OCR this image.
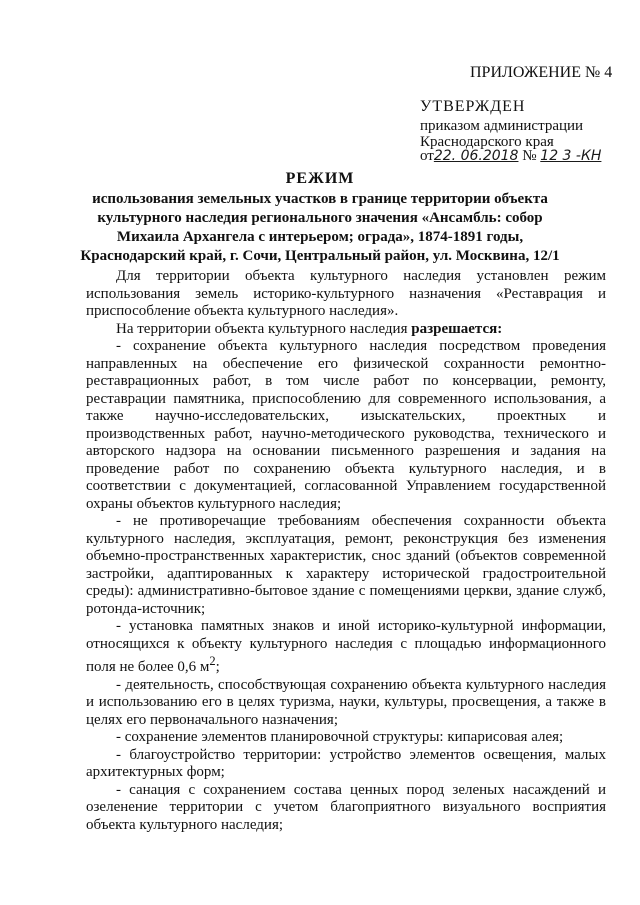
ПРИЛОЖЕНИЕ № 4
УТВЕРЖДЕН
приказом администрации
Краснодарского края
от22. 06.2018 № 12 3 -КН
РЕЖИМ
использования земельных участков в границе территории объекта культурного наследия регионального значения «Ансамбль: собор Михаила Архангела с интерьером; ограда», 1874-1891 годы, Краснодарский край, г. Сочи, Центральный район, ул. Москвина, 12/1

Для территории объекта культурного наследия установлен режим использования земель историко-культурного назначения «Реставрация и приспособление объекта культурного наследия».

На территории объекта культурного наследия разрешается:

- сохранение объекта культурного наследия посредством проведения направленных на обеспечение его физической сохранности ремонтно-реставрационных работ, в том числе работ по консервации, ремонту, реставрации памятника, приспособлению для современного использования, а также научно-исследовательских, изыскательских, проектных и производственных работ, научно-методического руководства, технического и авторского надзора на основании письменного разрешения и задания на проведение работ по сохранению объекта культурного наследия, и в соответствии с документацией, согласованной Управлением государственной охраны объектов культурного наследия;

- не противоречащие требованиям обеспечения сохранности объекта культурного наследия, эксплуатация, ремонт, реконструкция без изменения объемно-пространственных характеристик, снос зданий (объектов современной застройки, адаптированных к характеру исторической градостроительной среды): административно-бытовое здание с помещениями церкви, здание служб, ротонда-источник;

- установка памятных знаков и иной историко-культурной информации, относящихся к объекту культурного наследия с площадью информационного поля не более 0,6 $м^2$;

- деятельность, способствующая сохранению объекта культурного наследия и использованию его в целях туризма, науки, культуры, просвещения, а также в целях его первоначального назначения;

- сохранение элементов планировочной структуры: кипарисовая алея;

- благоустройство территории: устройство элементов освещения, малых архитектурных форм;

- санация с сохранением состава ценных пород зеленых насаждений и озеленение территории с учетом благоприятного визуального восприятия объекта культурного наследия;
